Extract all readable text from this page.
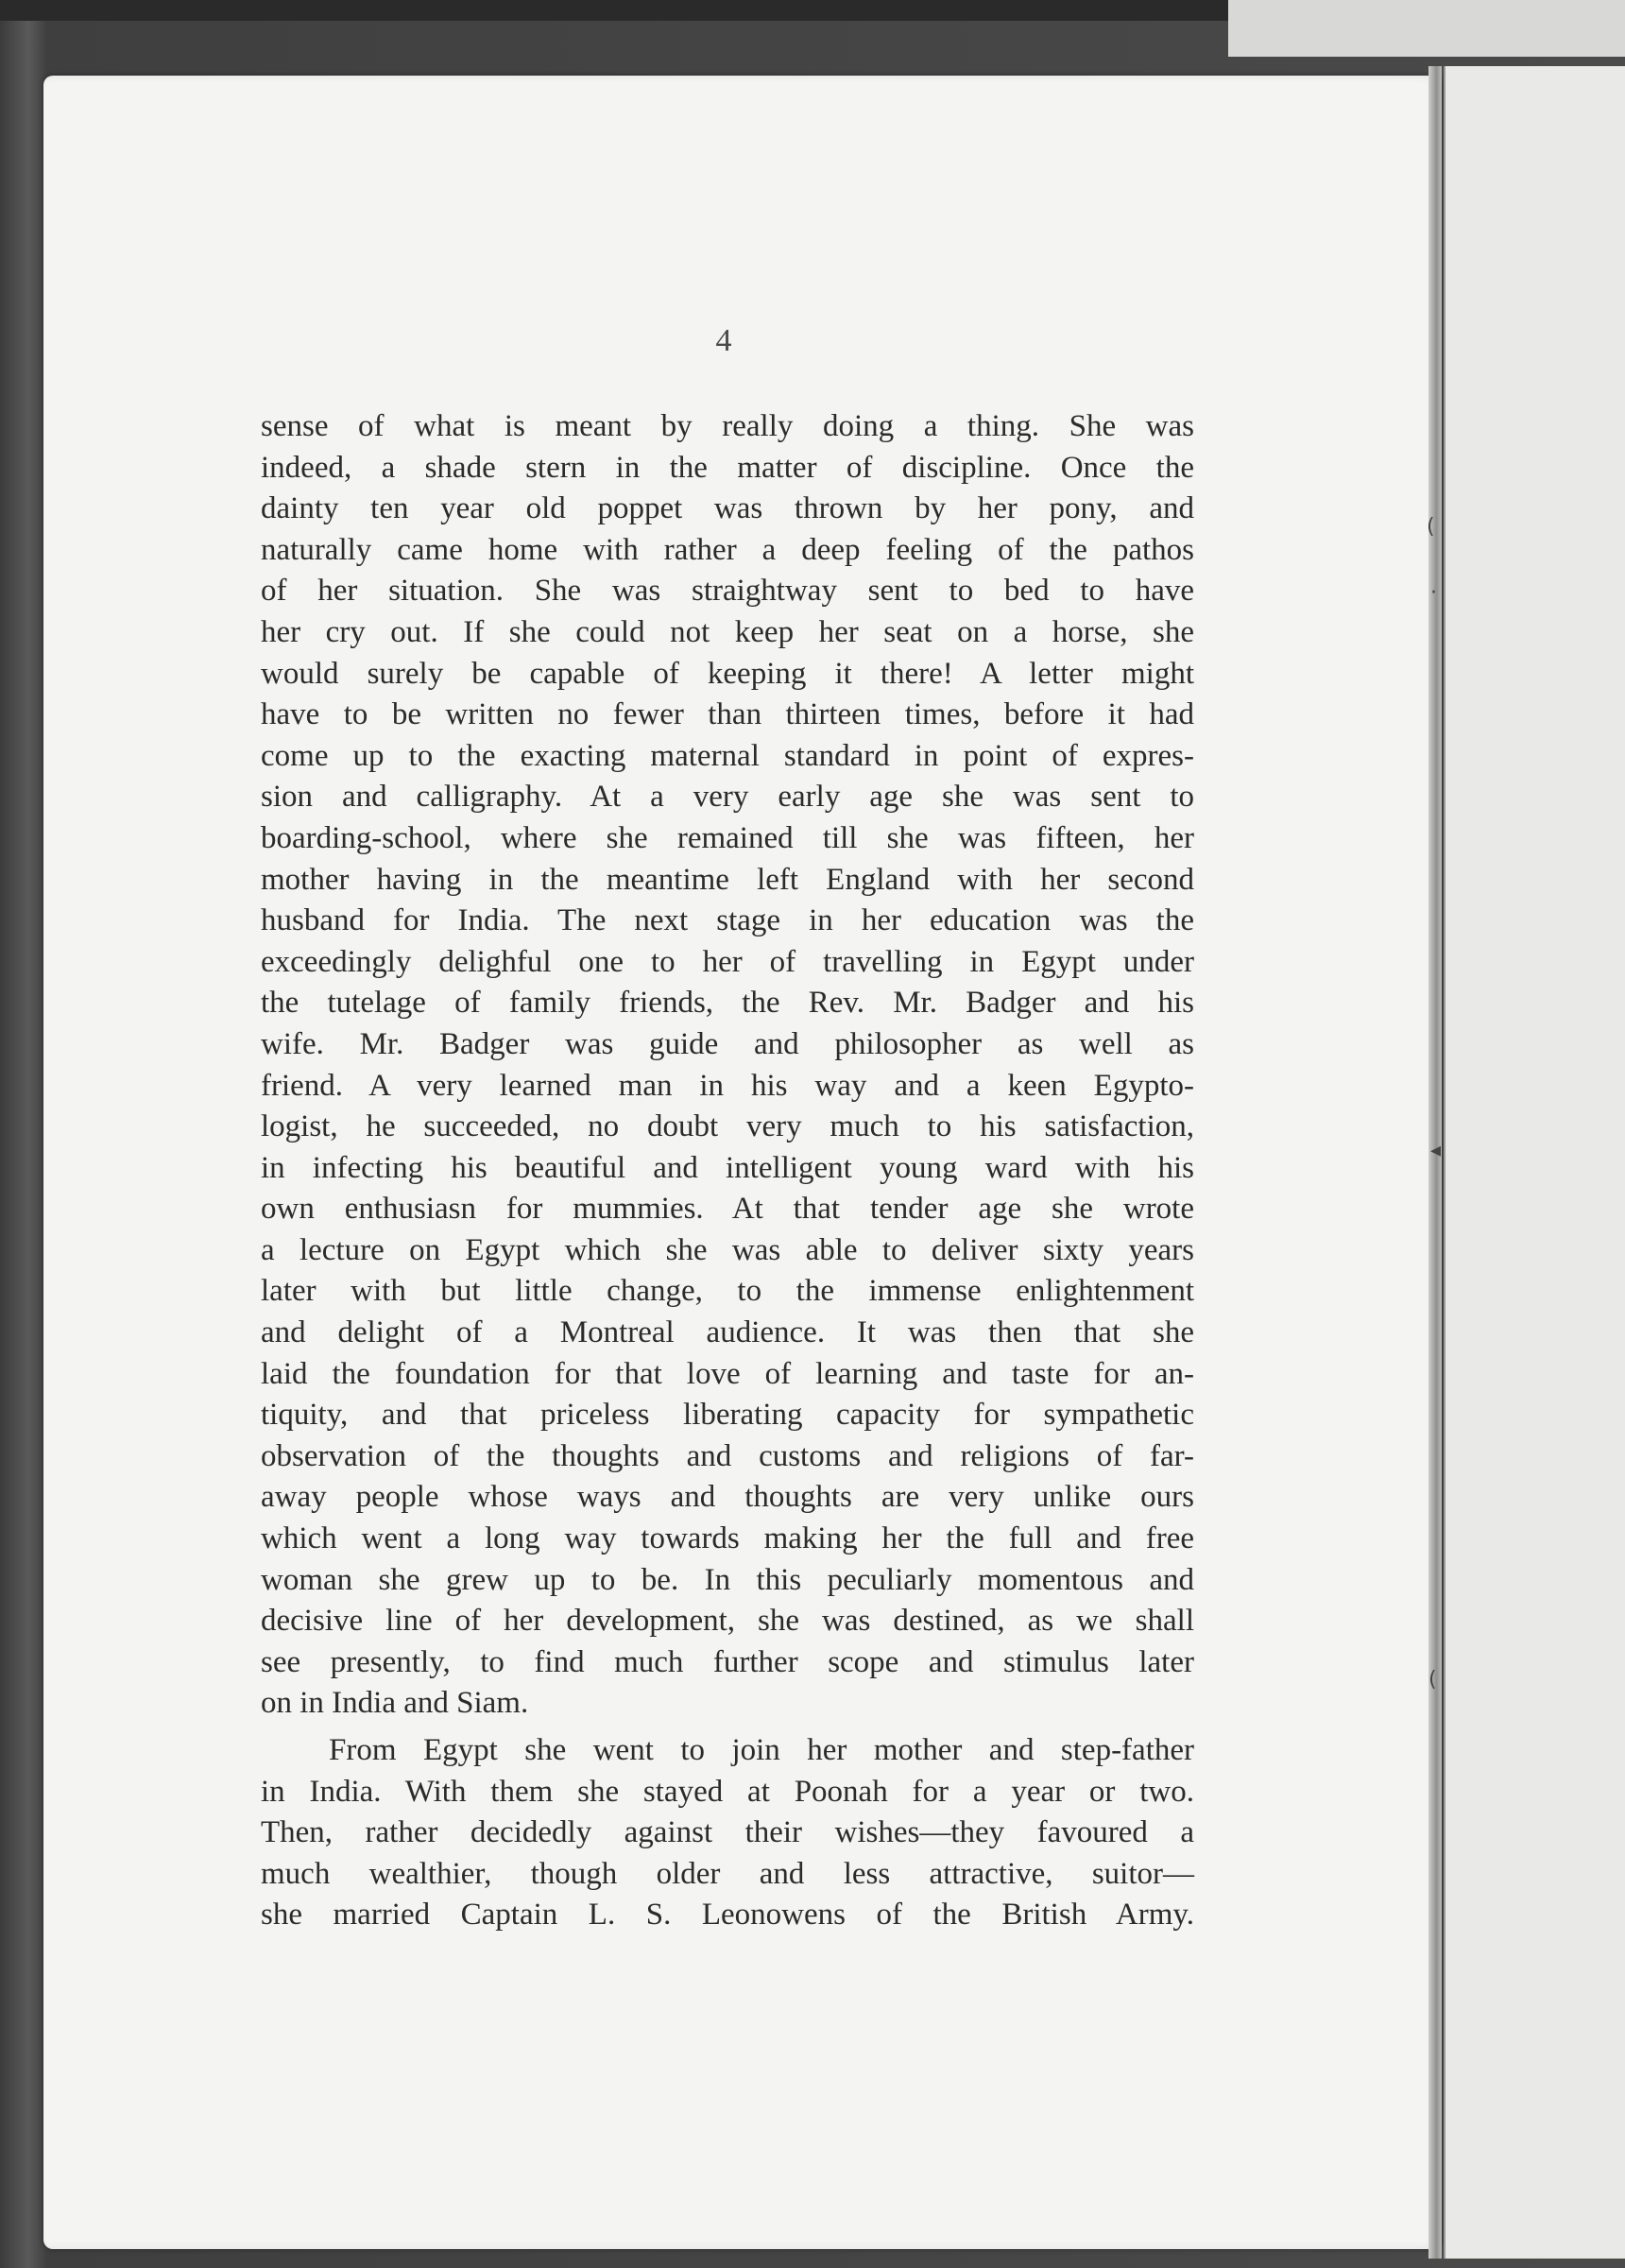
(
·
◂
(
4
sense of what is meant by really doing a thing. She was
indeed, a shade stern in the matter of discipline. Once the
dainty ten year old poppet was thrown by her pony, and
naturally came home with rather a deep feeling of the pathos
of her situation. She was straightway sent to bed to have
her cry out. If she could not keep her seat on a horse, she
would surely be capable of keeping it there! A letter might
have to be written no fewer than thirteen times, before it had
come up to the exacting maternal standard in point of expres-
sion and calligraphy. At a very early age she was sent to
boarding-school, where she remained till she was fifteen, her
mother having in the meantime left England with her second
husband for India. The next stage in her education was the
exceedingly delighful one to her of travelling in Egypt under
the tutelage of family friends, the Rev. Mr. Badger and his
wife. Mr. Badger was guide and philosopher as well as
friend. A very learned man in his way and a keen Egypto-
logist, he succeeded, no doubt very much to his satisfaction,
in infecting his beautiful and intelligent young ward with his
own enthusiasn for mummies. At that tender age she wrote
a lecture on Egypt which she was able to deliver sixty years
later with but little change, to the immense enlightenment
and delight of a Montreal audience. It was then that she
laid the foundation for that love of learning and taste for an-
tiquity, and that priceless liberating capacity for sympathetic
observation of the thoughts and customs and religions of far-
away people whose ways and thoughts are very unlike ours
which went a long way towards making her the full and free
woman she grew up to be. In this peculiarly momentous and
decisive line of her development, she was destined, as we shall
see presently, to find much further scope and stimulus later
on in India and Siam.
From Egypt she went to join her mother and step-father
in India. With them she stayed at Poonah for a year or two.
Then, rather decidedly against their wishes—they favoured a
much wealthier, though older and less attractive, suitor—
she married Captain L. S. Leonowens of the British Army.
